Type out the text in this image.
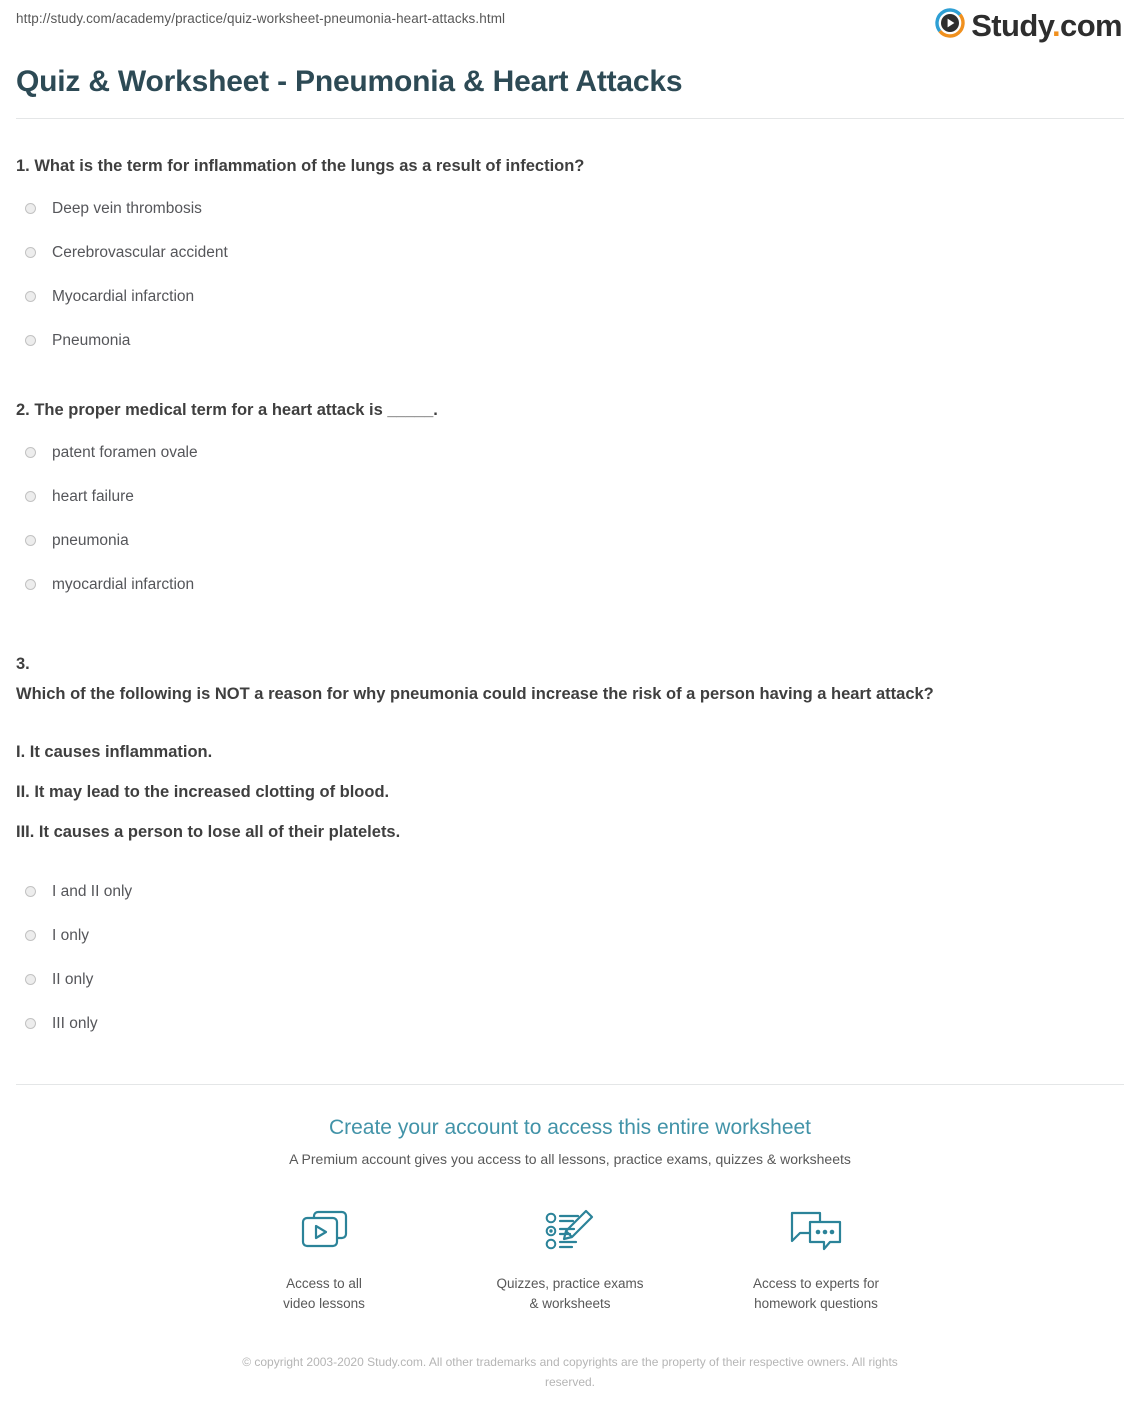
http://study.com/academy/practice/quiz-worksheet-pneumonia-heart-attacks.html	Study.com
Quiz & Worksheet - Pneumonia & Heart Attacks

1. What is the term for inflammation of the lungs as a result of infection?

Deep vein thrombosis
Cerebrovascular accident
Myocardial infarction
Pneumonia

2. The proper medical term for a heart attack is _____.

patent foramen ovale
heart failure
pneumonia
myocardial infarction

3.

Which of the following is NOT a reason for why pneumonia could increase the risk of a person having a heart attack?

I. It causes inflammation.
II. It may lead to the increased clotting of blood.
III. It causes a person to lose all of their platelets.
I and II only
I only
II only
III only
Create your account to access this entire worksheet
A Premium account gives you access to all lessons, practice exams, quizzes & worksheets
Access to all
video lessons
Quizzes, practice exams
& worksheets
Access to experts for
homework questions
© copyright 2003-2020 Study.com. All other trademarks and copyrights are the property of their respective owners. All rights reserved.
